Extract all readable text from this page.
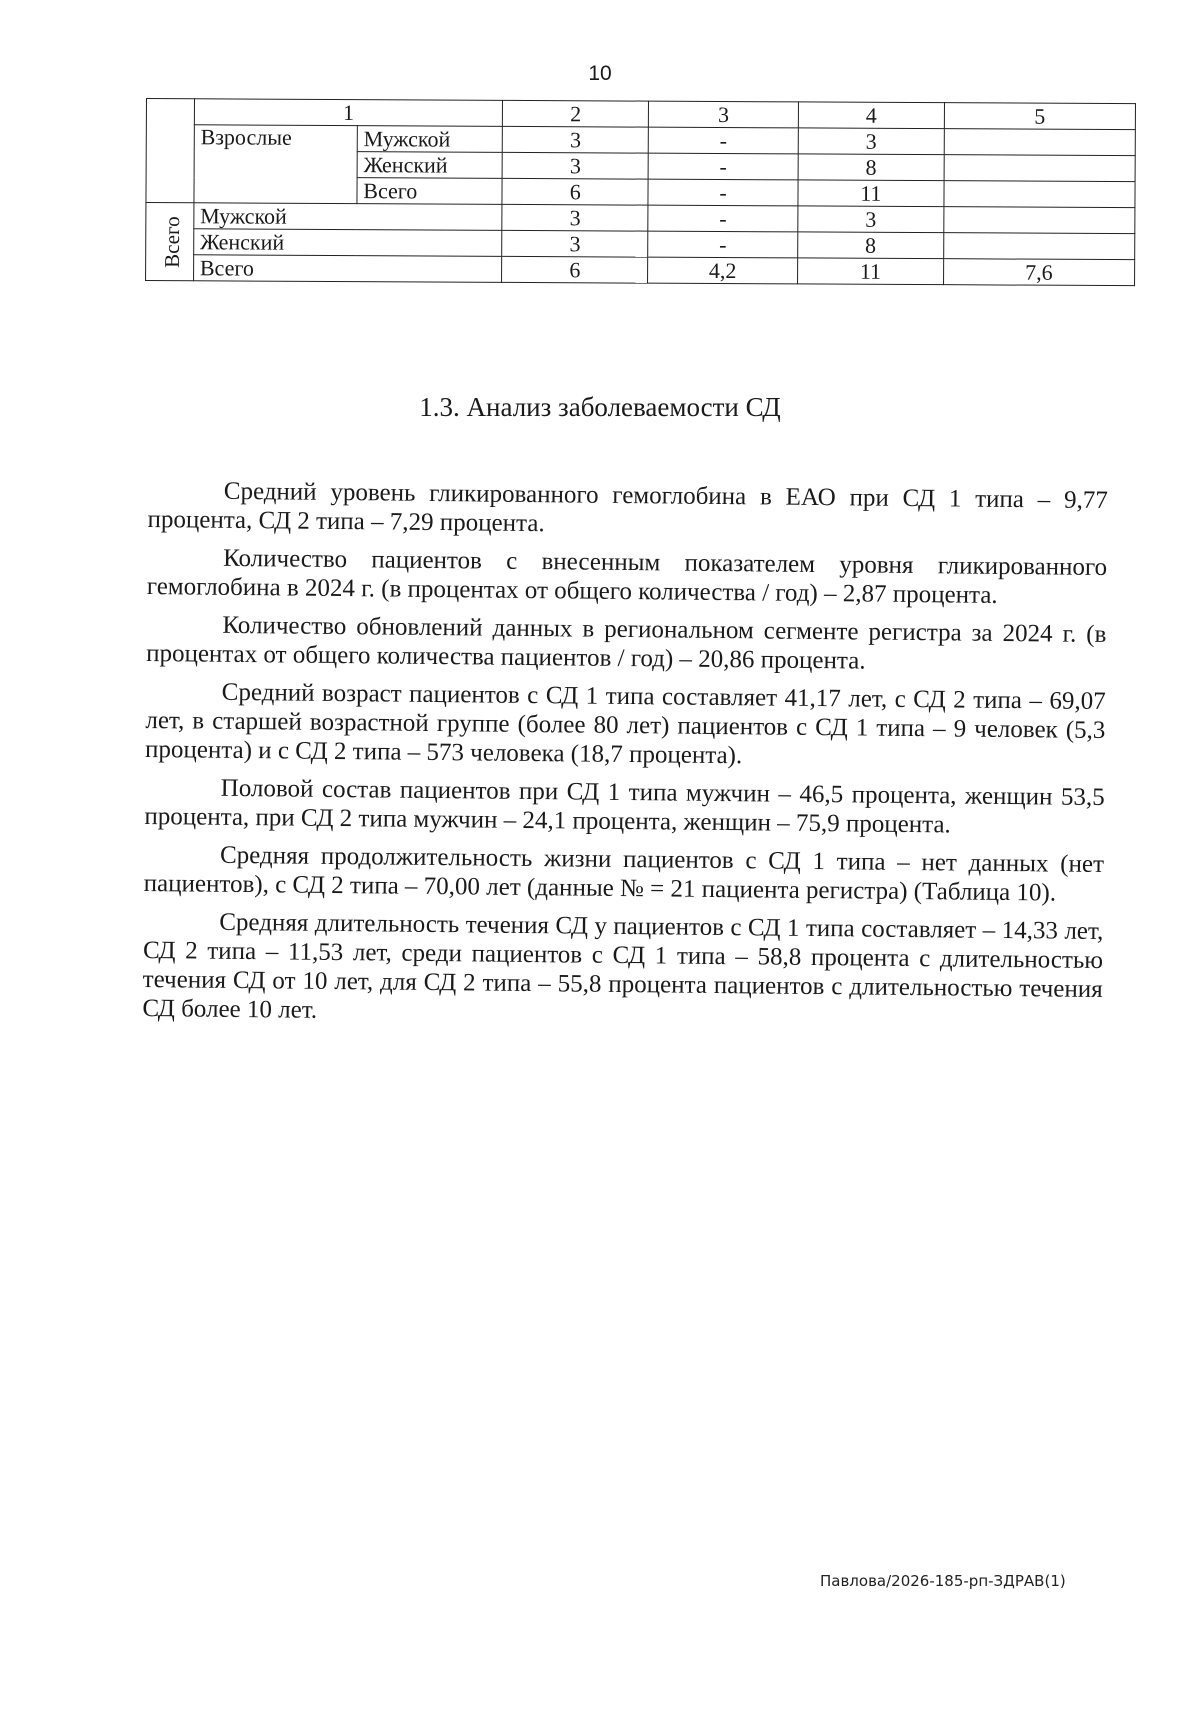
10
	1		2	3	4	5
	Взрослые	Мужской	3	-	3	
		Женский	3	-	8	
		Всего	6	-	11	
Всего	Мужской		3	-	3	
	Женский		3	-	8	
	Всего		6	4,2	11	7,6
1.3. Анализ заболеваемости СД

Средний уровень гликированного гемоглобина в ЕАО при СД 1 типа – 9,77 процента, СД 2 типа – 7,29 процента.

Количество пациентов с внесенным показателем уровня гликированного гемоглобина в 2024 г. (в процентах от общего количества / год) – 2,87 процента.

Количество обновлений данных в региональном сегменте регистра за 2024 г. (в процентах от общего количества пациентов / год) – 20,86 процента.

Средний возраст пациентов с СД 1 типа составляет 41,17 лет, с СД 2 типа – 69,07 лет, в старшей возрастной группе (более 80 лет) пациентов с СД 1 типа – 9 человек (5,3 процента) и с СД 2 типа – 573 человека (18,7 процента).

Половой состав пациентов при СД 1 типа мужчин – 46,5 процента, женщин 53,5 процента, при СД 2 типа мужчин – 24,1 процента, женщин – 75,9 процента.

Средняя продолжительность жизни пациентов с СД 1 типа – нет данных (нет пациентов), с СД 2 типа – 70,00 лет (данные № = 21 пациента регистра) (Таблица 10).

Средняя длительность течения СД у пациентов с СД 1 типа составляет – 14,33 лет, СД 2 типа – 11,53 лет, среди пациентов с СД 1 типа – 58,8 процента с длительностью течения СД от 10 лет, для СД 2 типа – 55,8 процента пациентов с длительностью течения СД более 10 лет.

Павлова/2026-185-рп-ЗДРАВ(1)
